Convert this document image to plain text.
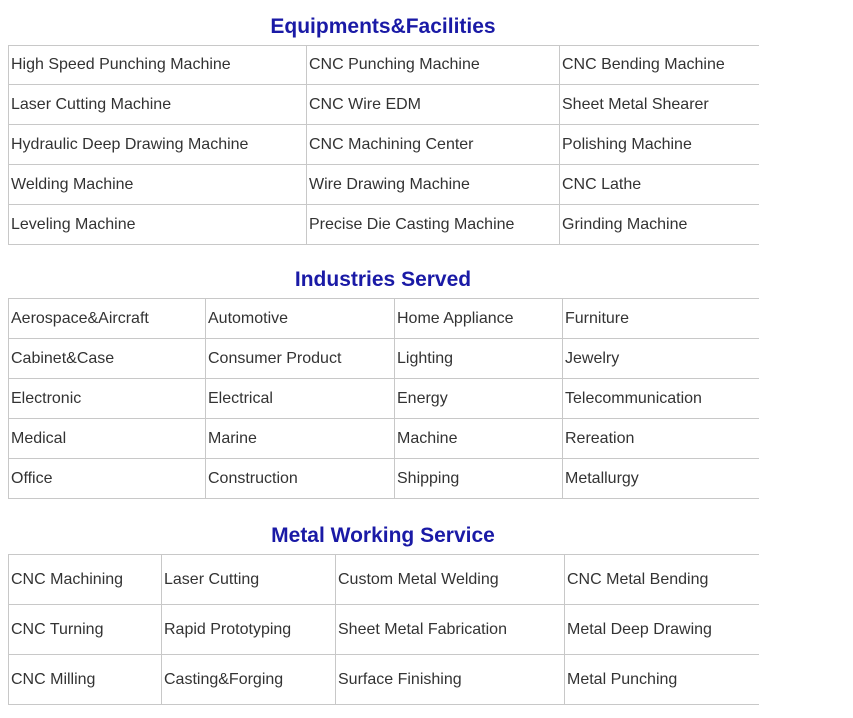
Equipments&Facilities
High Speed Punching Machine	CNC Punching Machine	CNC Bending Machine
Laser Cutting Machine	CNC Wire EDM	Sheet Metal Shearer
Hydraulic Deep Drawing Machine	CNC Machining Center	Polishing Machine
Welding Machine	Wire Drawing Machine	CNC Lathe
Leveling Machine	Precise Die Casting Machine	Grinding Machine
Industries Served
Aerospace&Aircraft	Automotive	Home Appliance	Furniture
Cabinet&Case	Consumer Product	Lighting	Jewelry
Electronic	Electrical	Energy	Telecommunication
Medical	Marine	Machine	Rereation
Office	Construction	Shipping	Metallurgy
Metal Working Service
CNC Machining	Laser Cutting	Custom Metal Welding	CNC Metal Bending
CNC Turning	Rapid Prototyping	Sheet Metal Fabrication	Metal Deep Drawing
CNC Milling	Casting&Forging	Surface Finishing	Metal Punching
